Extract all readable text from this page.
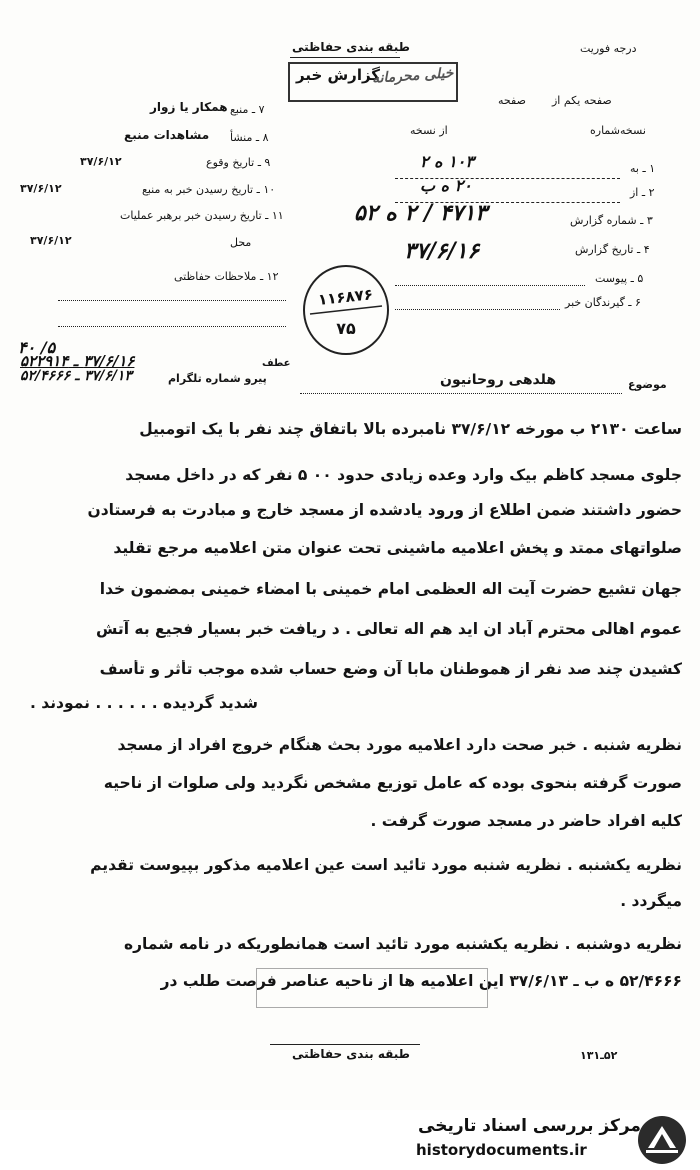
طبقه بندی حفاظتی	درجه فوریت
گزارش خبر
خیلی محرمانه
صفحه یکم از
صفحه
نسخه‌شماره
از نسخه
۱ ـ به
۱۰۳ ه ۲
۲ ـ از
۲۰ ه ب
۳ ـ شماره گزارش
۴۷۱۳ / ۲ ه ۵۲
۴ ـ تاریخ گزارش
۳۷/۶/۱۶
۵ ـ پیوست
۶ ـ گیرندگان خبر
۷ ـ منبع
همکار یا زوار
۸ ـ منشأ
مشاهدات منبع
۹ ـ تاریخ وقوع
۳۷/۶/۱۲
۱۰ ـ تاریخ رسیدن خبر به منبع
۳۷/۶/۱۲
۱۱ ـ تاریخ رسیدن خبر برهبر عملیات
محل
۳۷/۶/۱۲
۱۲ ـ ملاحظات حفاظتی
۱۱۶۸۷۶
۷۵
۵/ ۴۰
۳۷/۶/۱۶ ـ ۵۲۲۹۱۴
۳۷/۶/۱۳ ـ ۵۲/۴۶۶۶
عطف
پیرو شماره تلگرام	موضوع
هلدهی روحانیون
ساعت ۲۱۳۰ ب مورخه ۳۷/۶/۱۲ نامبرده بالا باتفاق چند نفر با یک اتومبیل
جلوی مسجد کاظم بیک وارد وعده زیادی حدود ۰۰ ۵ نفر که در داخل مسجد
حضور داشتند ضمن اطلاع از ورود یادشده از مسجد خارج و مبادرت به فرستادن
صلواتهای ممتد و پخش اعلامیه ماشینی تحت عنوان متن اعلامیه مرجع تقلید
جهان تشیع حضرت آیت اله العظمی امام خمینی با امضاء خمینی بمضمون خدا
عموم اهالی محترم آباد ان اید هم اله تعالی . د ریافت خبر بسیار فجیع به آتش
کشیدن چند صد نفر از هموطنان مابا آن وضع حساب شده موجب تأثر و تأسف
شدید گردیده . . . . . . نمودند .
نظریه شنبه . خبر صحت دارد اعلامیه مورد بحث هنگام خروج افراد از مسجد
صورت گرفته بنحوی بوده که عامل توزیع مشخص نگردید ولی صلوات از ناحیه
کلیه افراد حاضر در مسجد صورت گرفت .
نظریه یکشنبه . نظریه شنبه مورد تائید است عین اعلامیه مذکور بپیوست تقدیم
میگردد .
نظریه دوشنبه . نظریه یکشنبه مورد تائید است همانطوریکه در نامه شماره
۵۲/۴۶۶۶ ه ب ـ ۳۷/۶/۱۳ این اعلامیه ها از ناحیه عناصر فرصت طلب در
طبقه بندی حفاظتی	۵۲ـ۱۳۱
مرکز بررسی اسناد تاریخی
historydocuments.ir
